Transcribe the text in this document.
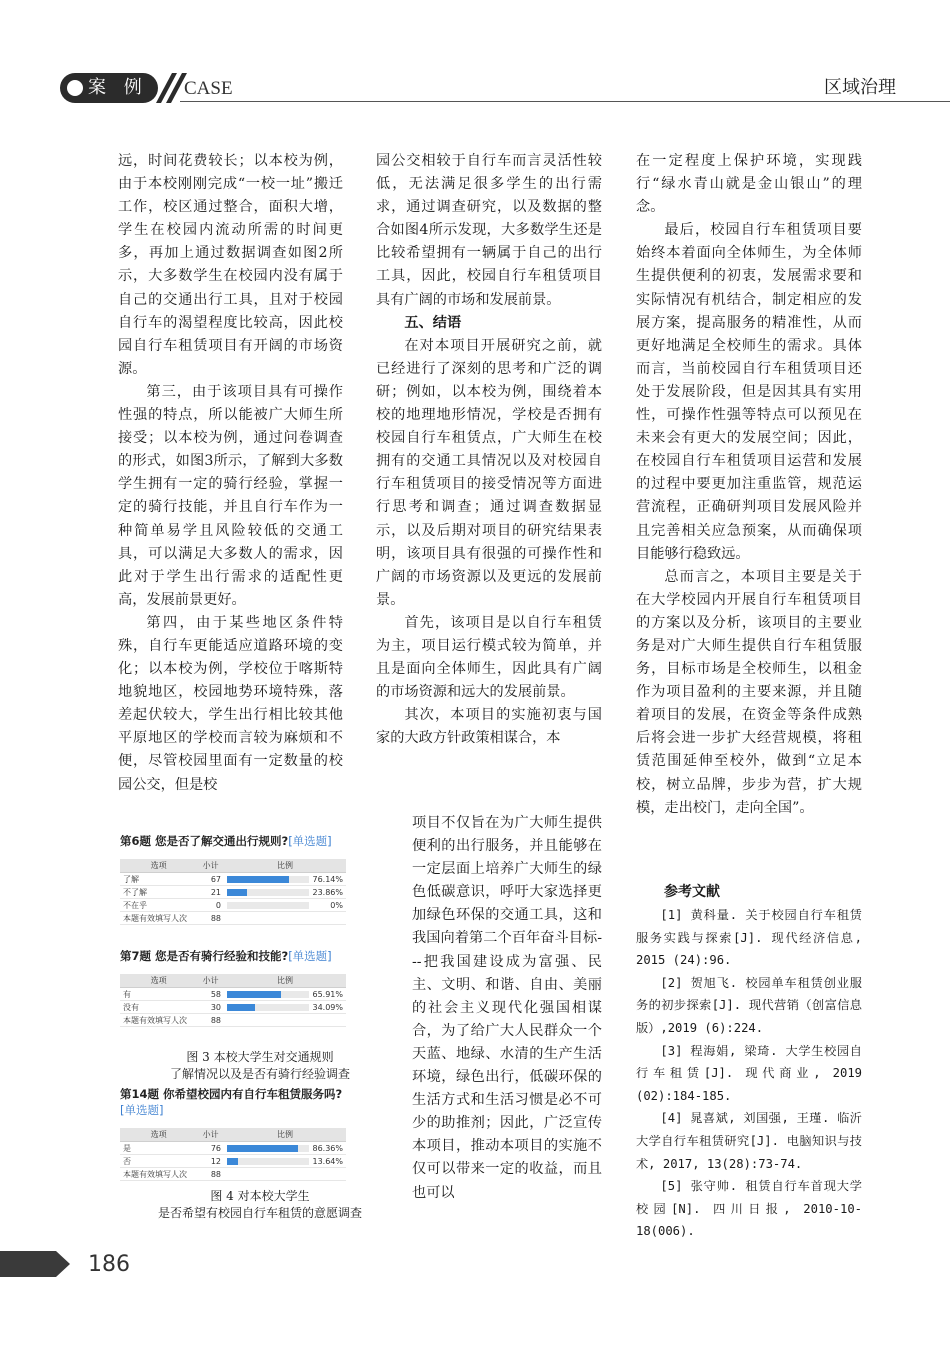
案 例 CASE	区域治理

远，时间花费较长；以本校为例，由于本校刚刚完成“一校一址”搬迁工作，校区通过整合，面积大增，学生在校园内流动所需的时间更多，再加上通过数据调查如图2所示，大多数学生在校园内没有属于自己的交通出行工具，且对于校园自行车的渴望程度比较高，因此校园自行车租赁项目有开阔的市场资源。

第三，由于该项目具有可操作性强的特点，所以能被广大师生所接受；以本校为例，通过问卷调查的形式，如图3所示，了解到大多数学生拥有一定的骑行经验，掌握一定的骑行技能，并且自行车作为一种简单易学且风险较低的交通工具，可以满足大多数人的需求，因此对于学生出行需求的适配性更高，发展前景更好。

第四，由于某些地区条件特殊，自行车更能适应道路环境的变化；以本校为例，学校位于喀斯特地貌地区，校园地势环境特殊，落差起伏较大，学生出行相比较其他平原地区的学校而言较为麻烦和不便，尽管校园里面有一定数量的校园公交，但是校

第6题 您是否了解交通出行规则?[单选题]
选项	小计	比例
了解	67	76.14%
不了解	21	23.86%
不在乎	0	0%
本题有效填写人次	88	
第7题 您是否有骑行经验和技能?[单选题]
选项	小计	比例
有	58	65.91%
没有	30	34.09%
本题有效填写人次	88	
图 3 本校大学生对交通规则
了解情况以及是否有骑行经验调查
第14题 你希望校园内有自行车租赁服务吗?
[单选题]
选项	小计	比例
是	76	86.36%
否	12	13.64%
本题有效填写人次	88	
图 4 对本校大学生
是否希望有校园自行车租赁的意愿调查

园公交相较于自行车而言灵活性较低，无法满足很多学生的出行需求，通过调查研究，以及数据的整合如图4所示发现，大多数学生还是比较希望拥有一辆属于自己的出行工具，因此，校园自行车租赁项目具有广阔的市场和发展前景。

五、结语

在对本项目开展研究之前，就已经进行了深刻的思考和广泛的调研；例如，以本校为例，围绕着本校的地理地形情况，学校是否拥有校园自行车租赁点，广大师生在校拥有的交通工具情况以及对校园自行车租赁项目的接受情况等方面进行思考和调查；通过调查数据显示，以及后期对项目的研究结果表明，该项目具有很强的可操作性和广阔的市场资源以及更远的发展前景。

首先，该项目是以自行车租赁为主，项目运行模式较为简单，并且是面向全体师生，因此具有广阔的市场资源和远大的发展前景。

其次，本项目的实施初衷与国家的大政方针政策相谋合，本

项目不仅旨在为广大师生提供便利的出行服务，并且能够在一定层面上培养广大师生的绿色低碳意识，呼吁大家选择更加绿色环保的交通工具，这和我国向着第二个百年奋斗目标---把我国建设成为富强、民主、文明、和谐、自由、美丽的社会主义现代化强国相谋合，为了给广大人民群众一个天蓝、地绿、水清的生产生活环境，绿色出行，低碳环保的生活方式和生活习惯是必不可少的助推剂；因此，广泛宣传本项目，推动本项目的实施不仅可以带来一定的收益，而且也可以

在一定程度上保护环境，实现践行“绿水青山就是金山银山”的理念。

最后，校园自行车租赁项目要始终本着面向全体师生，为全体师生提供便利的初衷，发展需求要和实际情况有机结合，制定相应的发展方案，提高服务的精准性，从而更好地满足全校师生的需求。具体而言，当前校园自行车租赁项目还处于发展阶段，但是因其具有实用性，可操作性强等特点可以预见在未来会有更大的发展空间；因此，在校园自行车租赁项目运营和发展的过程中要更加注重监管，规范运营流程，正确研判项目发展风险并且完善相关应急预案，从而确保项目能够行稳致远。

总而言之，本项目主要是关于在大学校园内开展自行车租赁项目的方案以及分析，该项目的主要业务是对广大师生提供自行车租赁服务，目标市场是全校师生，以租金作为项目盈利的主要来源，并且随着项目的发展，在资金等条件成熟后将会进一步扩大经营规模，将租赁范围延伸至校外，做到“立足本校，树立品牌，步步为营，扩大规模，走出校门，走向全国”。

参考文献

[1] 黄科量. 关于校园自行车租赁服务实践与探索[J]. 现代经济信息, 2015 (24):96.

[2] 贺旭飞. 校园单车租赁创业服务的初步探索[J]. 现代营销（创富信息版）,2019 (6):224.

[3] 程海娟, 梁琦. 大学生校园自行车租赁[J]. 现代商业, 2019 (02):184-185.

[4] 晁喜斌, 刘国强, 王瑾. 临沂大学自行车租赁研究[J]. 电脑知识与技术, 2017, 13(28):73-74.

[5] 张守帅. 租赁自行车首现大学校园[N]. 四川日报, 2010-10-18(006).

186
